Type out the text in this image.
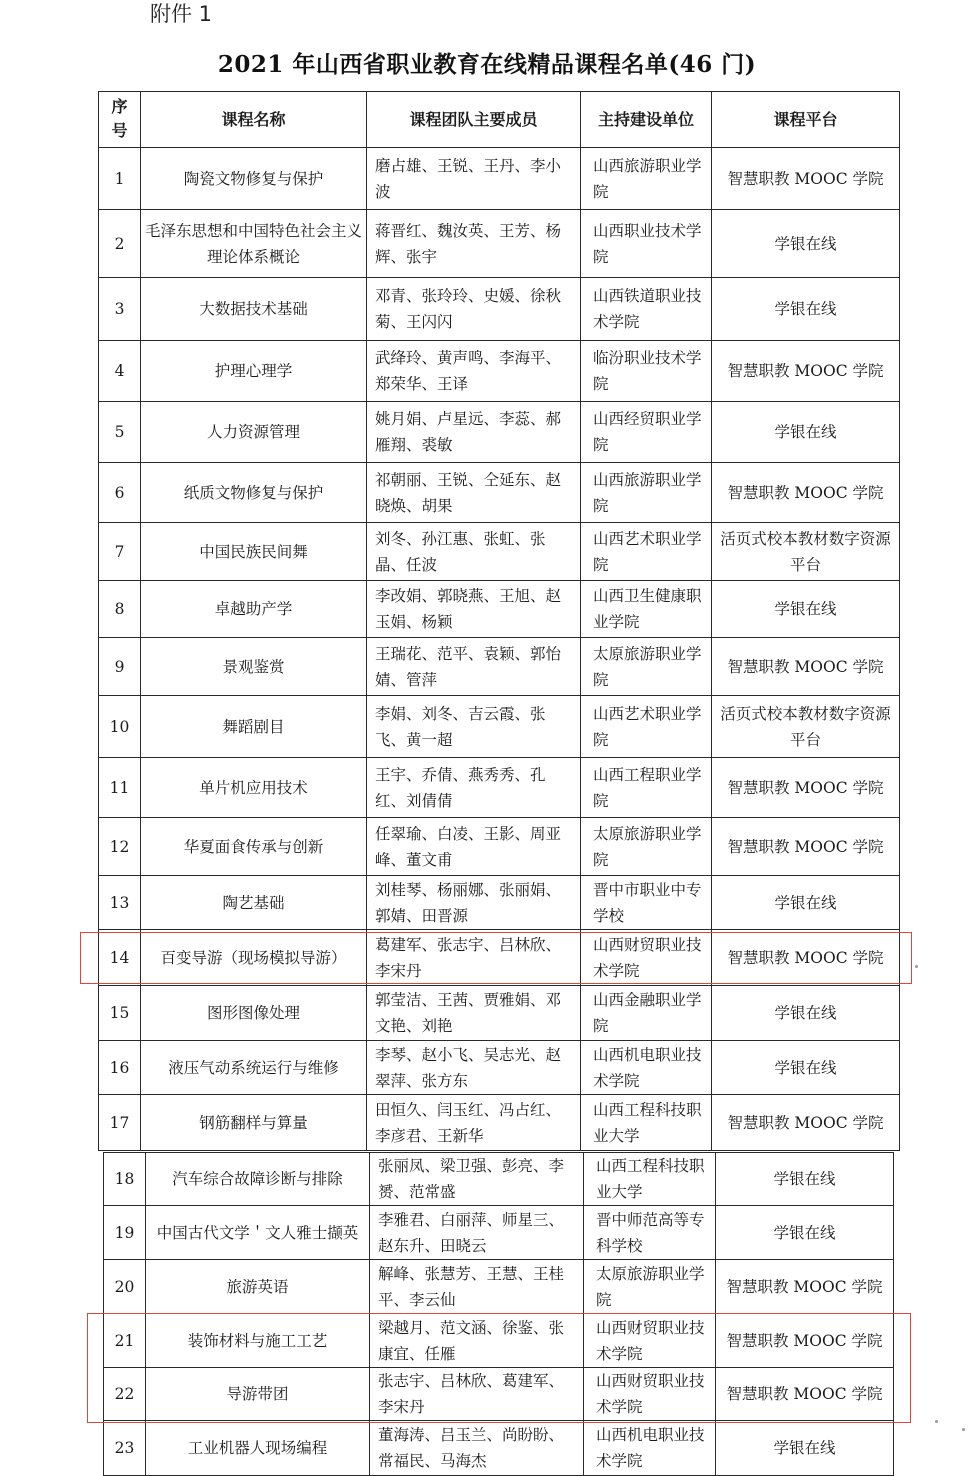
附件 1
2021 年山西省职业教育在线精品课程名单(46 门)
序号	课程名称	课程团队主要成员	主持建设单位	课程平台
1	陶瓷文物修复与保护	磨占雄、王锐、王丹、李小波	山西旅游职业学院	智慧职教 MOOC 学院
2	毛泽东思想和中国特色社会主义理论体系概论	蒋晋红、魏汝英、王芳、杨辉、张宇	山西职业技术学院	学银在线
3	大数据技术基础	邓青、张玲玲、史媛、徐秋菊、王闪闪	山西铁道职业技术学院	学银在线
4	护理心理学	武绛玲、黄声鸣、李海平、郑荣华、王译	临汾职业技术学院	智慧职教 MOOC 学院
5	人力资源管理	姚月娟、卢星远、李蕊、郝雁翔、裘敏	山西经贸职业学院	学银在线
6	纸质文物修复与保护	祁朝丽、王锐、仝延东、赵晓焕、胡果	山西旅游职业学院	智慧职教 MOOC 学院
7	中国民族民间舞	刘冬、孙江惠、张虹、张晶、任波	山西艺术职业学院	活页式校本教材数字资源平台
8	卓越助产学	李改娟、郭晓燕、王旭、赵玉娟、杨颖	山西卫生健康职业学院	学银在线
9	景观鉴赏	王瑞花、范平、袁颖、郭怡婧、管萍	太原旅游职业学院	智慧职教 MOOC 学院
10	舞蹈剧目	李娟、刘冬、吉云霞、张飞、黄一超	山西艺术职业学院	活页式校本教材数字资源平台
11	单片机应用技术	王宇、乔倩、燕秀秀、孔红、刘倩倩	山西工程职业学院	智慧职教 MOOC 学院
12	华夏面食传承与创新	任翠瑜、白凌、王影、周亚峰、董文甫	太原旅游职业学院	智慧职教 MOOC 学院
13	陶艺基础	刘桂琴、杨丽娜、张丽娟、郭婧、田晋源	晋中市职业中专学校	学银在线
14	百变导游（现场模拟导游）	葛建军、张志宇、吕林欣、李宋丹	山西财贸职业技术学院	智慧职教 MOOC 学院
15	图形图像处理	郭莹洁、王茜、贾雅娟、邓文艳、刘艳	山西金融职业学院	学银在线
16	液压气动系统运行与维修	李琴、赵小飞、吴志光、赵翠萍、张方东	山西机电职业技术学院	学银在线
17	钢筋翻样与算量	田恒久、闫玉红、冯占红、李彦君、王新华	山西工程科技职业大学	智慧职教 MOOC 学院
18	汽车综合故障诊断与排除	张丽凤、梁卫强、彭亮、李赟、范常盛	山西工程科技职业大学	学银在线
19	中国古代文学＇文人雅士撷英	李雅君、白丽萍、师星三、赵东升、田晓云	晋中师范高等专科学校	学银在线
20	旅游英语	解峰、张慧芳、王慧、王桂平、李云仙	太原旅游职业学院	智慧职教 MOOC 学院
21	装饰材料与施工工艺	梁越月、范文涵、徐鉴、张康宜、任雁	山西财贸职业技术学院	智慧职教 MOOC 学院
22	导游带团	张志宇、吕林欣、葛建军、李宋丹	山西财贸职业技术学院	智慧职教 MOOC 学院
23	工业机器人现场编程	董海涛、吕玉兰、尚盼盼、常福民、马海杰	山西机电职业技术学院	学银在线
